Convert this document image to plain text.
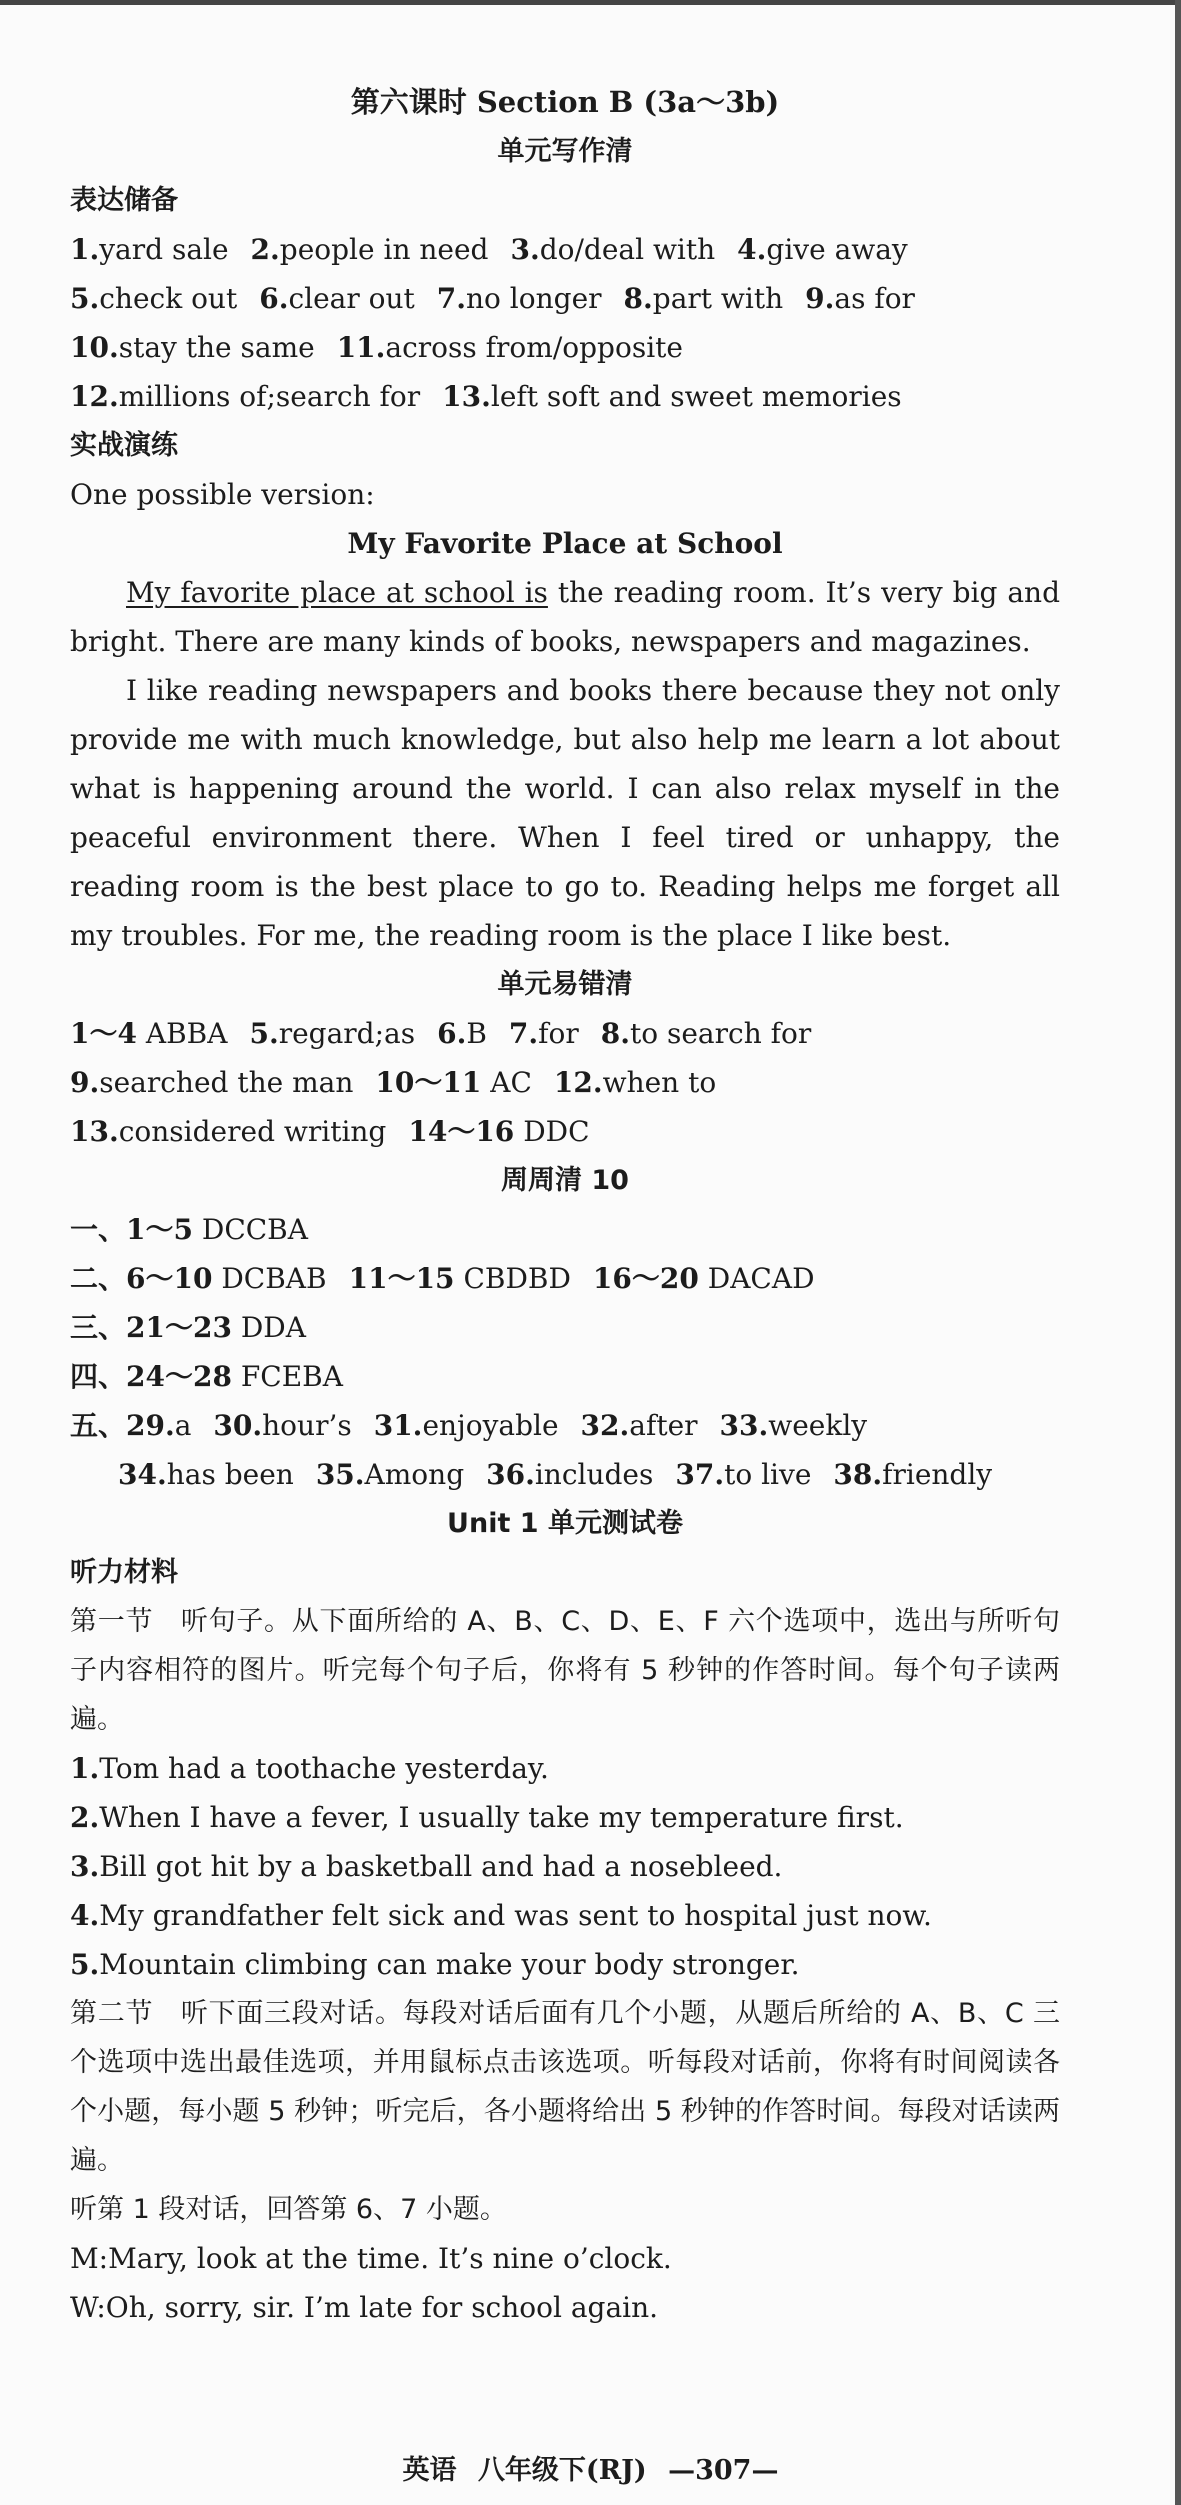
第六课时 Section B (3a～3b)
单元写作清
表达储备
1.yard sale 2.people in need 3.do/deal with 4.give away
5.check out 6.clear out 7.no longer 8.part with 9.as for
10.stay the same 11.across from/opposite
12.millions of;search for 13.left soft and sweet memories
实战演练
One possible version:
My Favorite Place at School
My favorite place at school is the reading room. It’s very big and bright. There are many kinds of books, newspapers and magazines.
I like reading newspapers and books there because they not only provide me with much knowledge, but also help me learn a lot about what is happening around the world. I can also relax myself in the peaceful environment there. When I feel tired or unhappy, the reading room is the best place to go to. Reading helps me forget all my troubles. For me, the reading room is the place I like best.
单元易错清
1～4 ABBA 5.regard;as 6.B 7.for 8.to search for
9.searched the man 10～11 AC 12.when to
13.considered writing 14～16 DDC
周周清 10
一、1～5 DCCBA
二、6～10 DCBAB 11～15 CBDBD 16～20 DACAD
三、21～23 DDA
四、24～28 FCEBA
五、29.a 30.hour’s 31.enjoyable 32.after 33.weekly
34.has been 35.Among 36.includes 37.to live 38.friendly
Unit 1 单元测试卷
听力材料
第一节　听句子。从下面所给的 A、B、C、D、E、F 六个选项中，选出与所听句子内容相符的图片。听完每个句子后，你将有 5 秒钟的作答时间。每个句子读两遍。
1.Tom had a toothache yesterday.
2.When I have a fever, I usually take my temperature first.
3.Bill got hit by a basketball and had a nosebleed.
4.My grandfather felt sick and was sent to hospital just now.
5.Mountain climbing can make your body stronger.
第二节　听下面三段对话。每段对话后面有几个小题，从题后所给的 A、B、C 三个选项中选出最佳选项，并用鼠标点击该选项。听每段对话前，你将有时间阅读各个小题，每小题 5 秒钟；听完后，各小题将给出 5 秒钟的作答时间。每段对话读两遍。
听第 1 段对话，回答第 6、7 小题。
M:Mary, look at the time. It’s nine o’clock.
W:Oh, sorry, sir. I’m late for school again.
英语 八年级下(RJ) —307—
